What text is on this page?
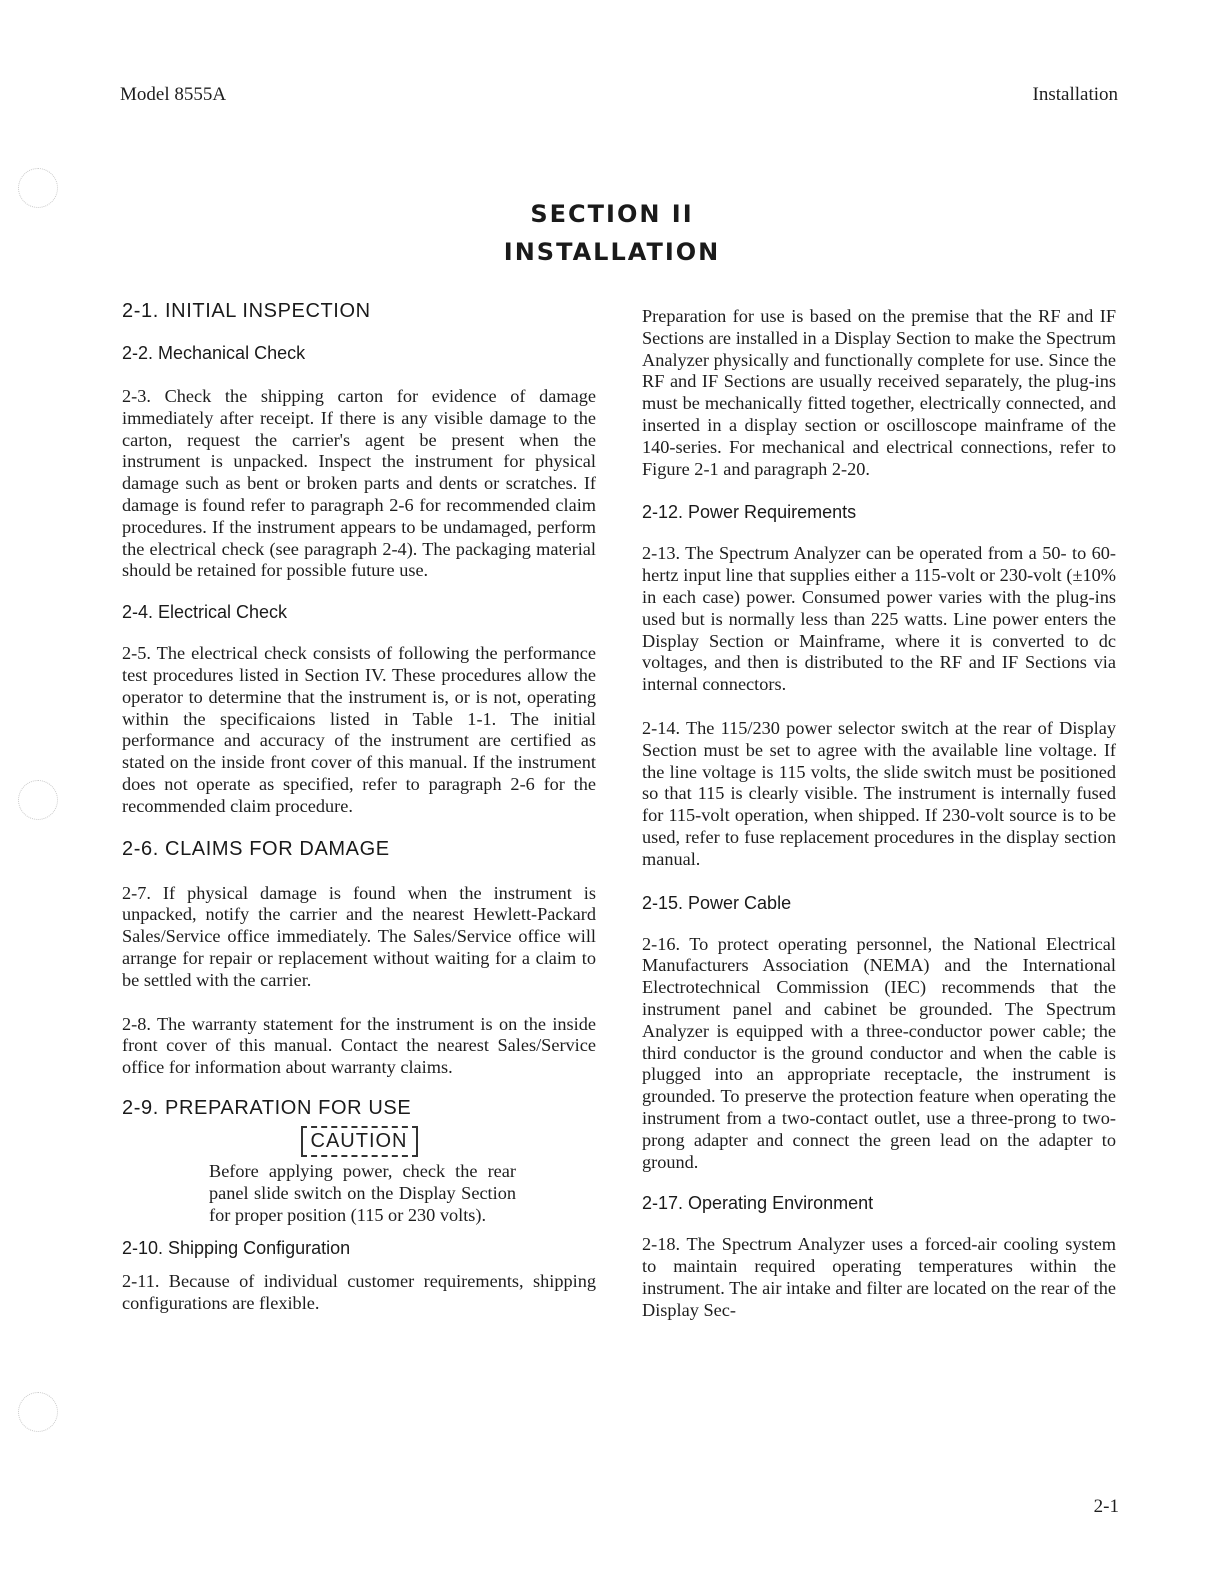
Model 8555A	Installation
SECTION II
INSTALLATION
2-1. INITIAL INSPECTION
2-2. Mechanical Check

2-3. Check the shipping carton for evidence of damage immediately after receipt. If there is any visible damage to the carton, request the carrier's agent be present when the instrument is unpacked. Inspect the instrument for physical damage such as bent or broken parts and dents or scratches. If damage is found refer to paragraph 2-6 for recommended claim procedures. If the instrument appears to be undamaged, perform the electrical check (see paragraph 2-4). The packaging material should be retained for possible future use.

2-4. Electrical Check

2-5. The electrical check consists of following the performance test procedures listed in Section IV. These procedures allow the operator to determine that the instrument is, or is not, operating within the specificaions listed in Table 1-1. The initial performance and accuracy of the instrument are certified as stated on the inside front cover of this manual. If the instrument does not operate as specified, refer to paragraph 2-6 for the recommended claim procedure.

2-6. CLAIMS FOR DAMAGE

2-7. If physical damage is found when the instrument is unpacked, notify the carrier and the nearest Hewlett-Packard Sales/Service office immediately. The Sales/Service office will arrange for repair or replacement without waiting for a claim to be settled with the carrier.

2-8. The warranty statement for the instrument is on the inside front cover of this manual. Contact the nearest Sales/Service office for information about warranty claims.

2-9. PREPARATION FOR USE
CAUTION

Before applying power, check the rear panel slide switch on the Display Section for proper position (115 or 230 volts).

2-10. Shipping Configuration

2-11. Because of individual customer requirements, shipping configurations are flexible.

Preparation for use is based on the premise that the RF and IF Sections are installed in a Display Section to make the Spectrum Analyzer physically and functionally complete for use. Since the RF and IF Sections are usually received separately, the plug-ins must be mechanically fitted together, electrically connected, and inserted in a display section or oscilloscope mainframe of the 140-series. For mechanical and electrical connections, refer to Figure 2-1 and paragraph 2-20.

2-12. Power Requirements

2-13. The Spectrum Analyzer can be operated from a 50- to 60-hertz input line that supplies either a 115-volt or 230-volt (±10% in each case) power. Consumed power varies with the plug-ins used but is normally less than 225 watts. Line power enters the Display Section or Mainframe, where it is converted to dc voltages, and then is distributed to the RF and IF Sections via internal connectors.

2-14. The 115/230 power selector switch at the rear of Display Section must be set to agree with the available line voltage. If the line voltage is 115 volts, the slide switch must be positioned so that 115 is clearly visible. The instrument is internally fused for 115-volt operation, when shipped. If 230-volt source is to be used, refer to fuse replacement procedures in the display section manual.

2-15. Power Cable

2-16. To protect operating personnel, the National Electrical Manufacturers Association (NEMA) and the International Electrotechnical Commission (IEC) recommends that the instrument panel and cabinet be grounded. The Spectrum Analyzer is equipped with a three-conductor power cable; the third conductor is the ground conductor and when the cable is plugged into an appropriate receptacle, the instrument is grounded. To preserve the protection feature when operating the instrument from a two-contact outlet, use a three-prong to two-prong adapter and connect the green lead on the adapter to ground.

2-17. Operating Environment

2-18. The Spectrum Analyzer uses a forced-air cooling system to maintain required operating temperatures within the instrument. The air intake and filter are located on the rear of the Display Sec-

2-1
